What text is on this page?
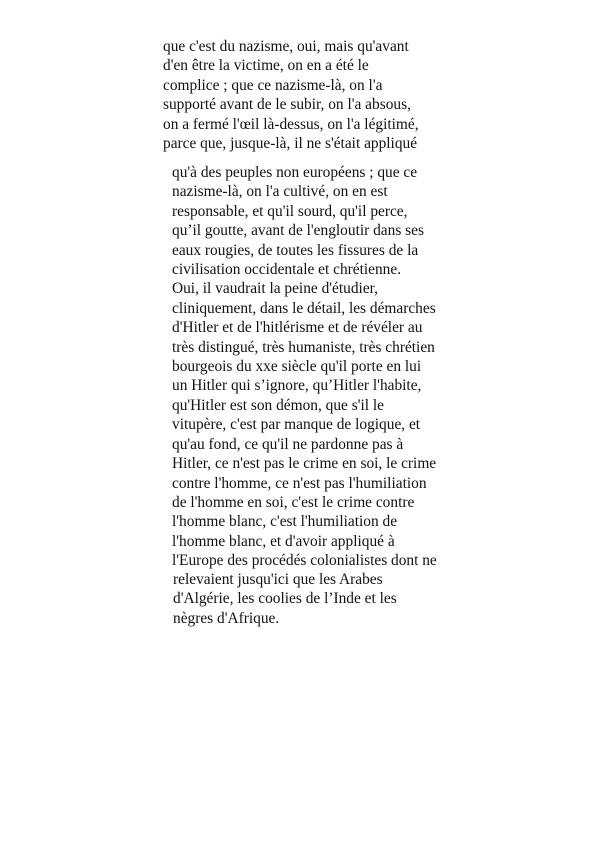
que c'est du nazisme, oui, mais qu'avant
d'en être la victime, on en a été le
complice ; que ce nazisme-là, on l'a
supporté avant de le subir, on l'a absous,
on a fermé l'œil là-dessus, on l'a légitimé,
parce que, jusque-là, il ne s'était appliqué
qu'à des peuples non européens ; que ce
nazisme-là, on l'a cultivé, on en est
responsable, et qu'il sourd, qu'il perce,
qu’il goutte, avant de l'engloutir dans ses
eaux rougies, de toutes les fissures de la
civilisation occidentale et chrétienne.
Oui, il vaudrait la peine d'étudier,
cliniquement, dans le détail, les démarches
d'Hitler et de l'hitlérisme et de révéler au
très distingué, très humaniste, très chrétien
bourgeois du xxe siècle qu'il porte en lui
un Hitler qui s’ignore, qu’Hitler l'habite,
qu'Hitler est son démon, que s'il le
vitupère, c'est par manque de logique, et
qu'au fond, ce qu'il ne pardonne pas à
Hitler, ce n'est pas le crime en soi, le crime
contre l'homme, ce n'est pas l'humiliation
de l'homme en soi, c'est le crime contre
l'homme blanc, c'est l'humiliation de
l'homme blanc, et d'avoir appliqué à
l'Europe des procédés colonialistes dont ne
relevaient jusqu'ici que les Arabes
d'Algérie, les coolies de l’Inde et les
nègres d'Afrique.
